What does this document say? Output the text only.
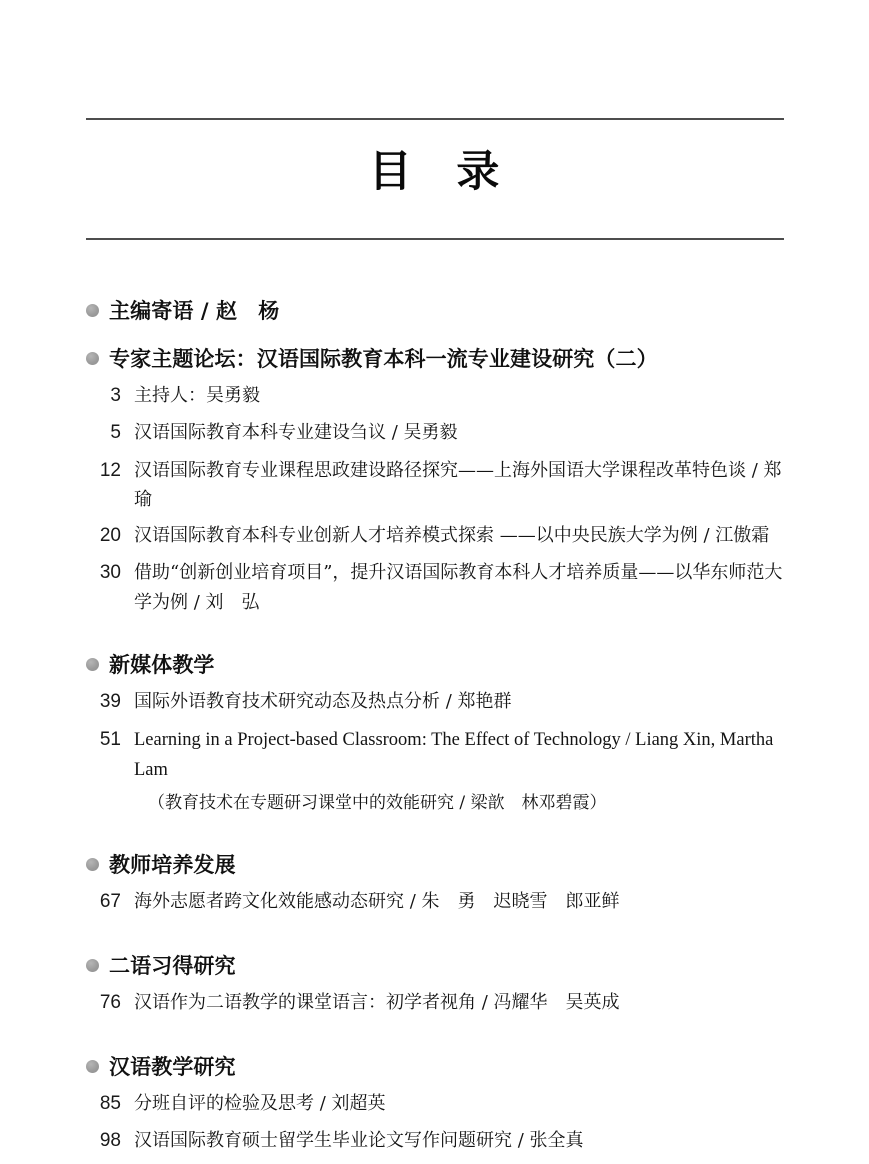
目　录
主编寄语 / 赵　杨
专家主题论坛：汉语国际教育本科一流专业建设研究（二）
3 主持人：吴勇毅
5 汉语国际教育本科专业建设刍议 / 吴勇毅
12 汉语国际教育专业课程思政建设路径探究——上海外国语大学课程改革特色谈 / 郑　瑜
20 汉语国际教育本科专业创新人才培养模式探索 ——以中央民族大学为例 / 江傲霜
30 借助“创新创业培育项目”，提升汉语国际教育本科人才培养质量——以华东师范大学为例 / 刘　弘
新媒体教学
39 国际外语教育技术研究动态及热点分析 / 郑艳群
51 Learning in a Project-based Classroom: The Effect of Technology / Liang Xin, Martha Lam
（教育技术在专题研习课堂中的效能研究 / 梁歆　林邓碧霞）
教师培养发展
67 海外志愿者跨文化效能感动态研究 / 朱　勇　迟晓雪　郎亚鲜
二语习得研究
76 汉语作为二语教学的课堂语言：初学者视角 / 冯耀华　吴英成
汉语教学研究
85 分班自评的检验及思考 / 刘超英
98 汉语国际教育硕士留学生毕业论文写作问题研究 / 张全真
